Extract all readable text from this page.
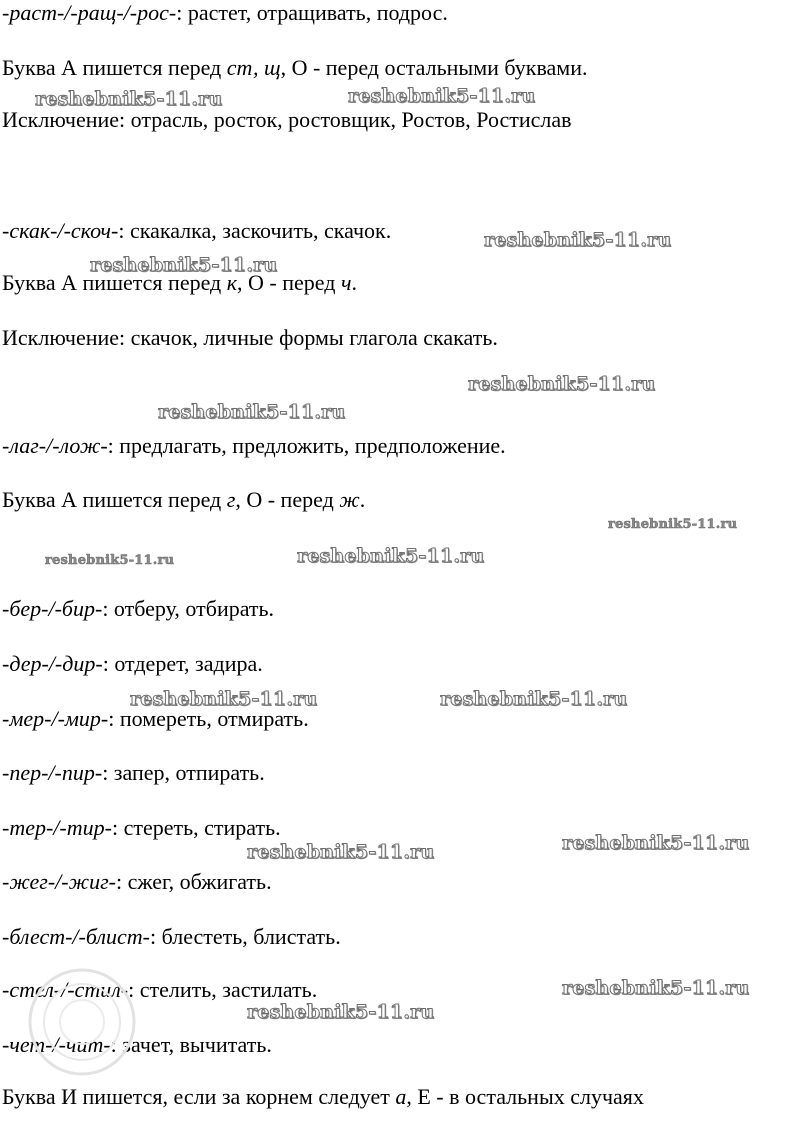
-раст-/-ращ-/-рос-: растет, отращивать, подрос.
Буква А пишется перед ст, щ, О - перед остальными буквами.
Исключение: отрасль, росток, ростовщик, Ростов, Ростислав
-скак-/-скоч-: скакалка, заскочить, скачок.
Буква А пишется перед к, О - перед ч.
Исключение: скачок, личные формы глагола скакать.
-лаг-/-лож-: предлагать, предложить, предположение.
Буква А пишется перед г, О - перед ж.
-бер-/-бир-: отберу, отбирать.
-дер-/-дир-: отдерет, задира.
-мер-/-мир-: помереть, отмирать.
-пер-/-пир-: запер, отпирать.
-тер-/-тир-: стереть, стирать.
-жег-/-жиг-: сжег, обжигать.
-блест-/-блист-: блестеть, блистать.
-стел-/-стил-: стелить, застилать.
-чет-/-чит-: зачет, вычитать.
Буква И пишется, если за корнем следует а, Е - в остальных случаях
reshebnik5-11.ru	reshebnik5-11.ru
reshebnik5-11.ru
reshebnik5-11.ru
reshebnik5-11.ru
reshebnik5-11.ru
reshebnik5-11.ru
reshebnik5-11.ru	reshebnik5-11.ru
reshebnik5-11.ru	reshebnik5-11.ru
reshebnik5-11.ru
reshebnik5-11.ru
reshebnik5-11.ru
reshebnik5-11.ru
